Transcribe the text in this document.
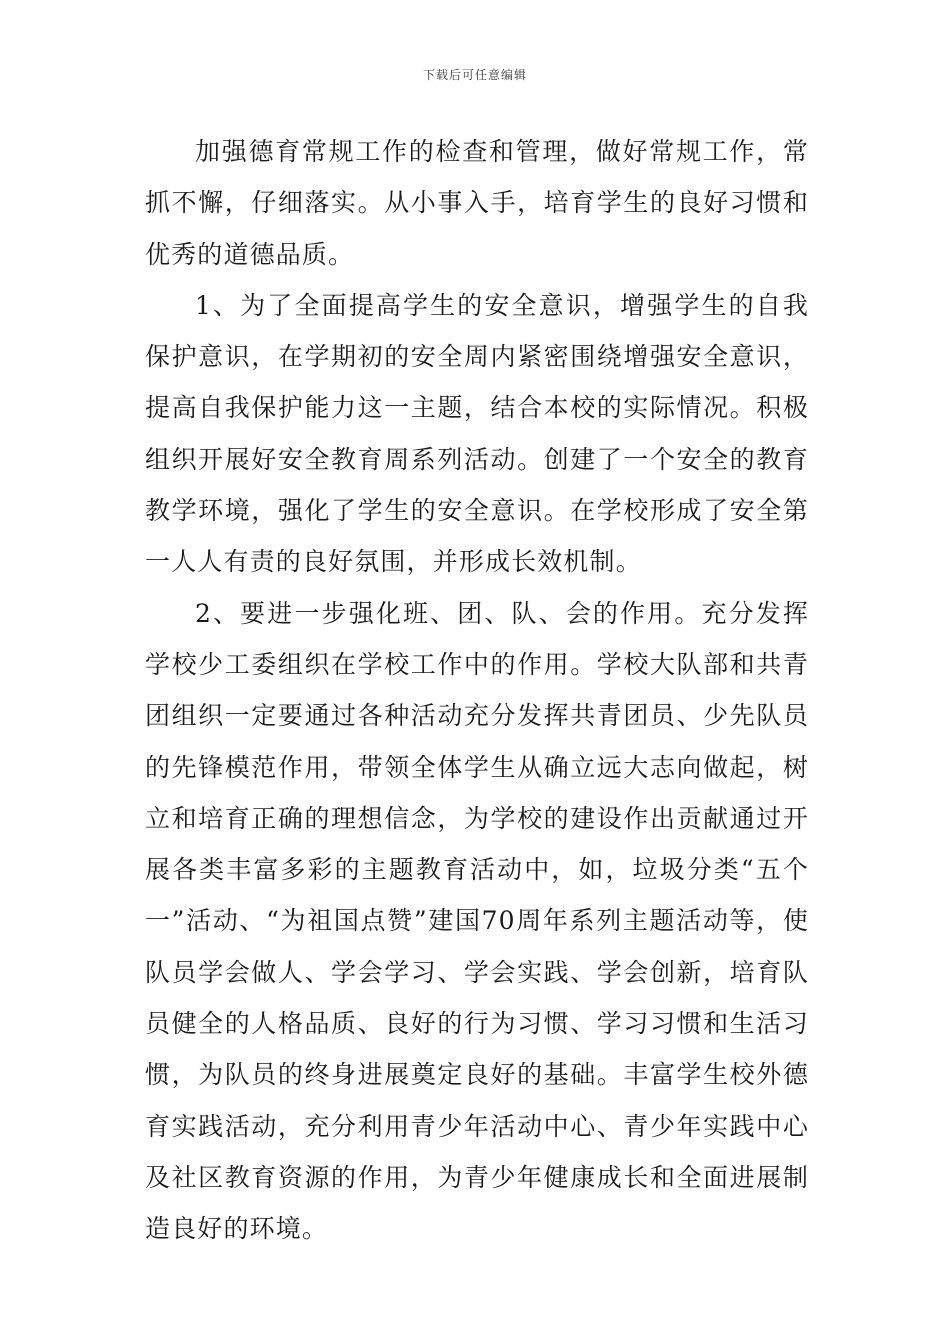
下载后可任意编辑

加强德育常规工作的检查和管理，做好常规工作，常抓不懈，仔细落实。从小事入手，培育学生的良好习惯和优秀的道德品质。

1、为了全面提高学生的安全意识，增强学生的自我保护意识，在学期初的安全周内紧密围绕增强安全意识，提高自我保护能力这一主题，结合本校的实际情况。积极组织开展好安全教育周系列活动。创建了一个安全的教育教学环境，强化了学生的安全意识。在学校形成了安全第一人人有责的良好氛围，并形成长效机制。

2、要进一步强化班、团、队、会的作用。充分发挥学校少工委组织在学校工作中的作用。学校大队部和共青团组织一定要通过各种活动充分发挥共青团员、少先队员的先锋模范作用，带领全体学生从确立远大志向做起，树立和培育正确的理想信念，为学校的建设作出贡献通过开展各类丰富多彩的主题教育活动中，如，垃圾分类“五个一”活动、“为祖国点赞”建国70周年系列主题活动等，使队员学会做人、学会学习、学会实践、学会创新，培育队员健全的人格品质、良好的行为习惯、学习习惯和生活习惯，为队员的终身进展奠定良好的基础。丰富学生校外德育实践活动，充分利用青少年活动中心、青少年实践中心及社区教育资源的作用，为青少年健康成长和全面进展制造良好的环境。
